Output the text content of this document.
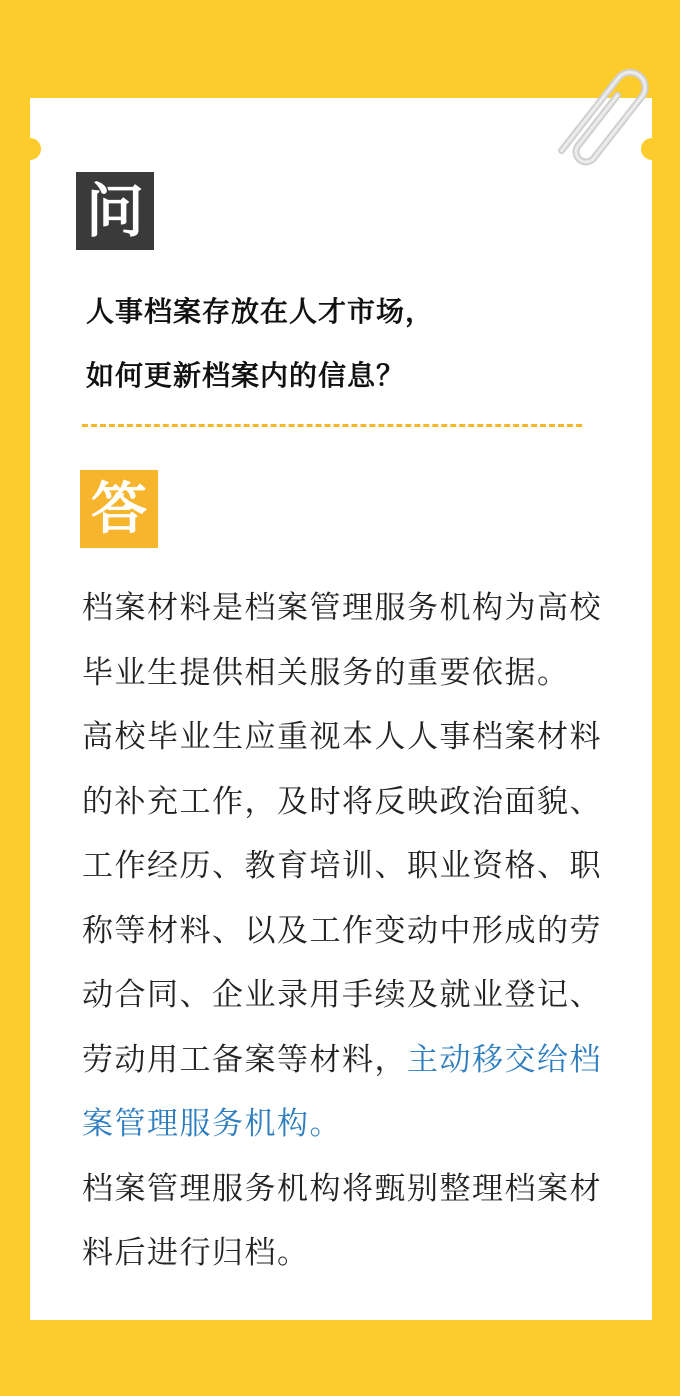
问
人事档案存放在人才市场，
如何更新档案内的信息？
答

档案材料是档案管理服务机构为高校毕业生提供相关服务的重要依据。

高校毕业生应重视本人人事档案材料的补充工作，及时将反映政治面貌、工作经历、教育培训、职业资格、职称等材料、以及工作变动中形成的劳动合同、企业录用手续及就业登记、劳动用工备案等材料，主动移交给档案管理服务机构。

档案管理服务机构将甄别整理档案材料后进行归档。
